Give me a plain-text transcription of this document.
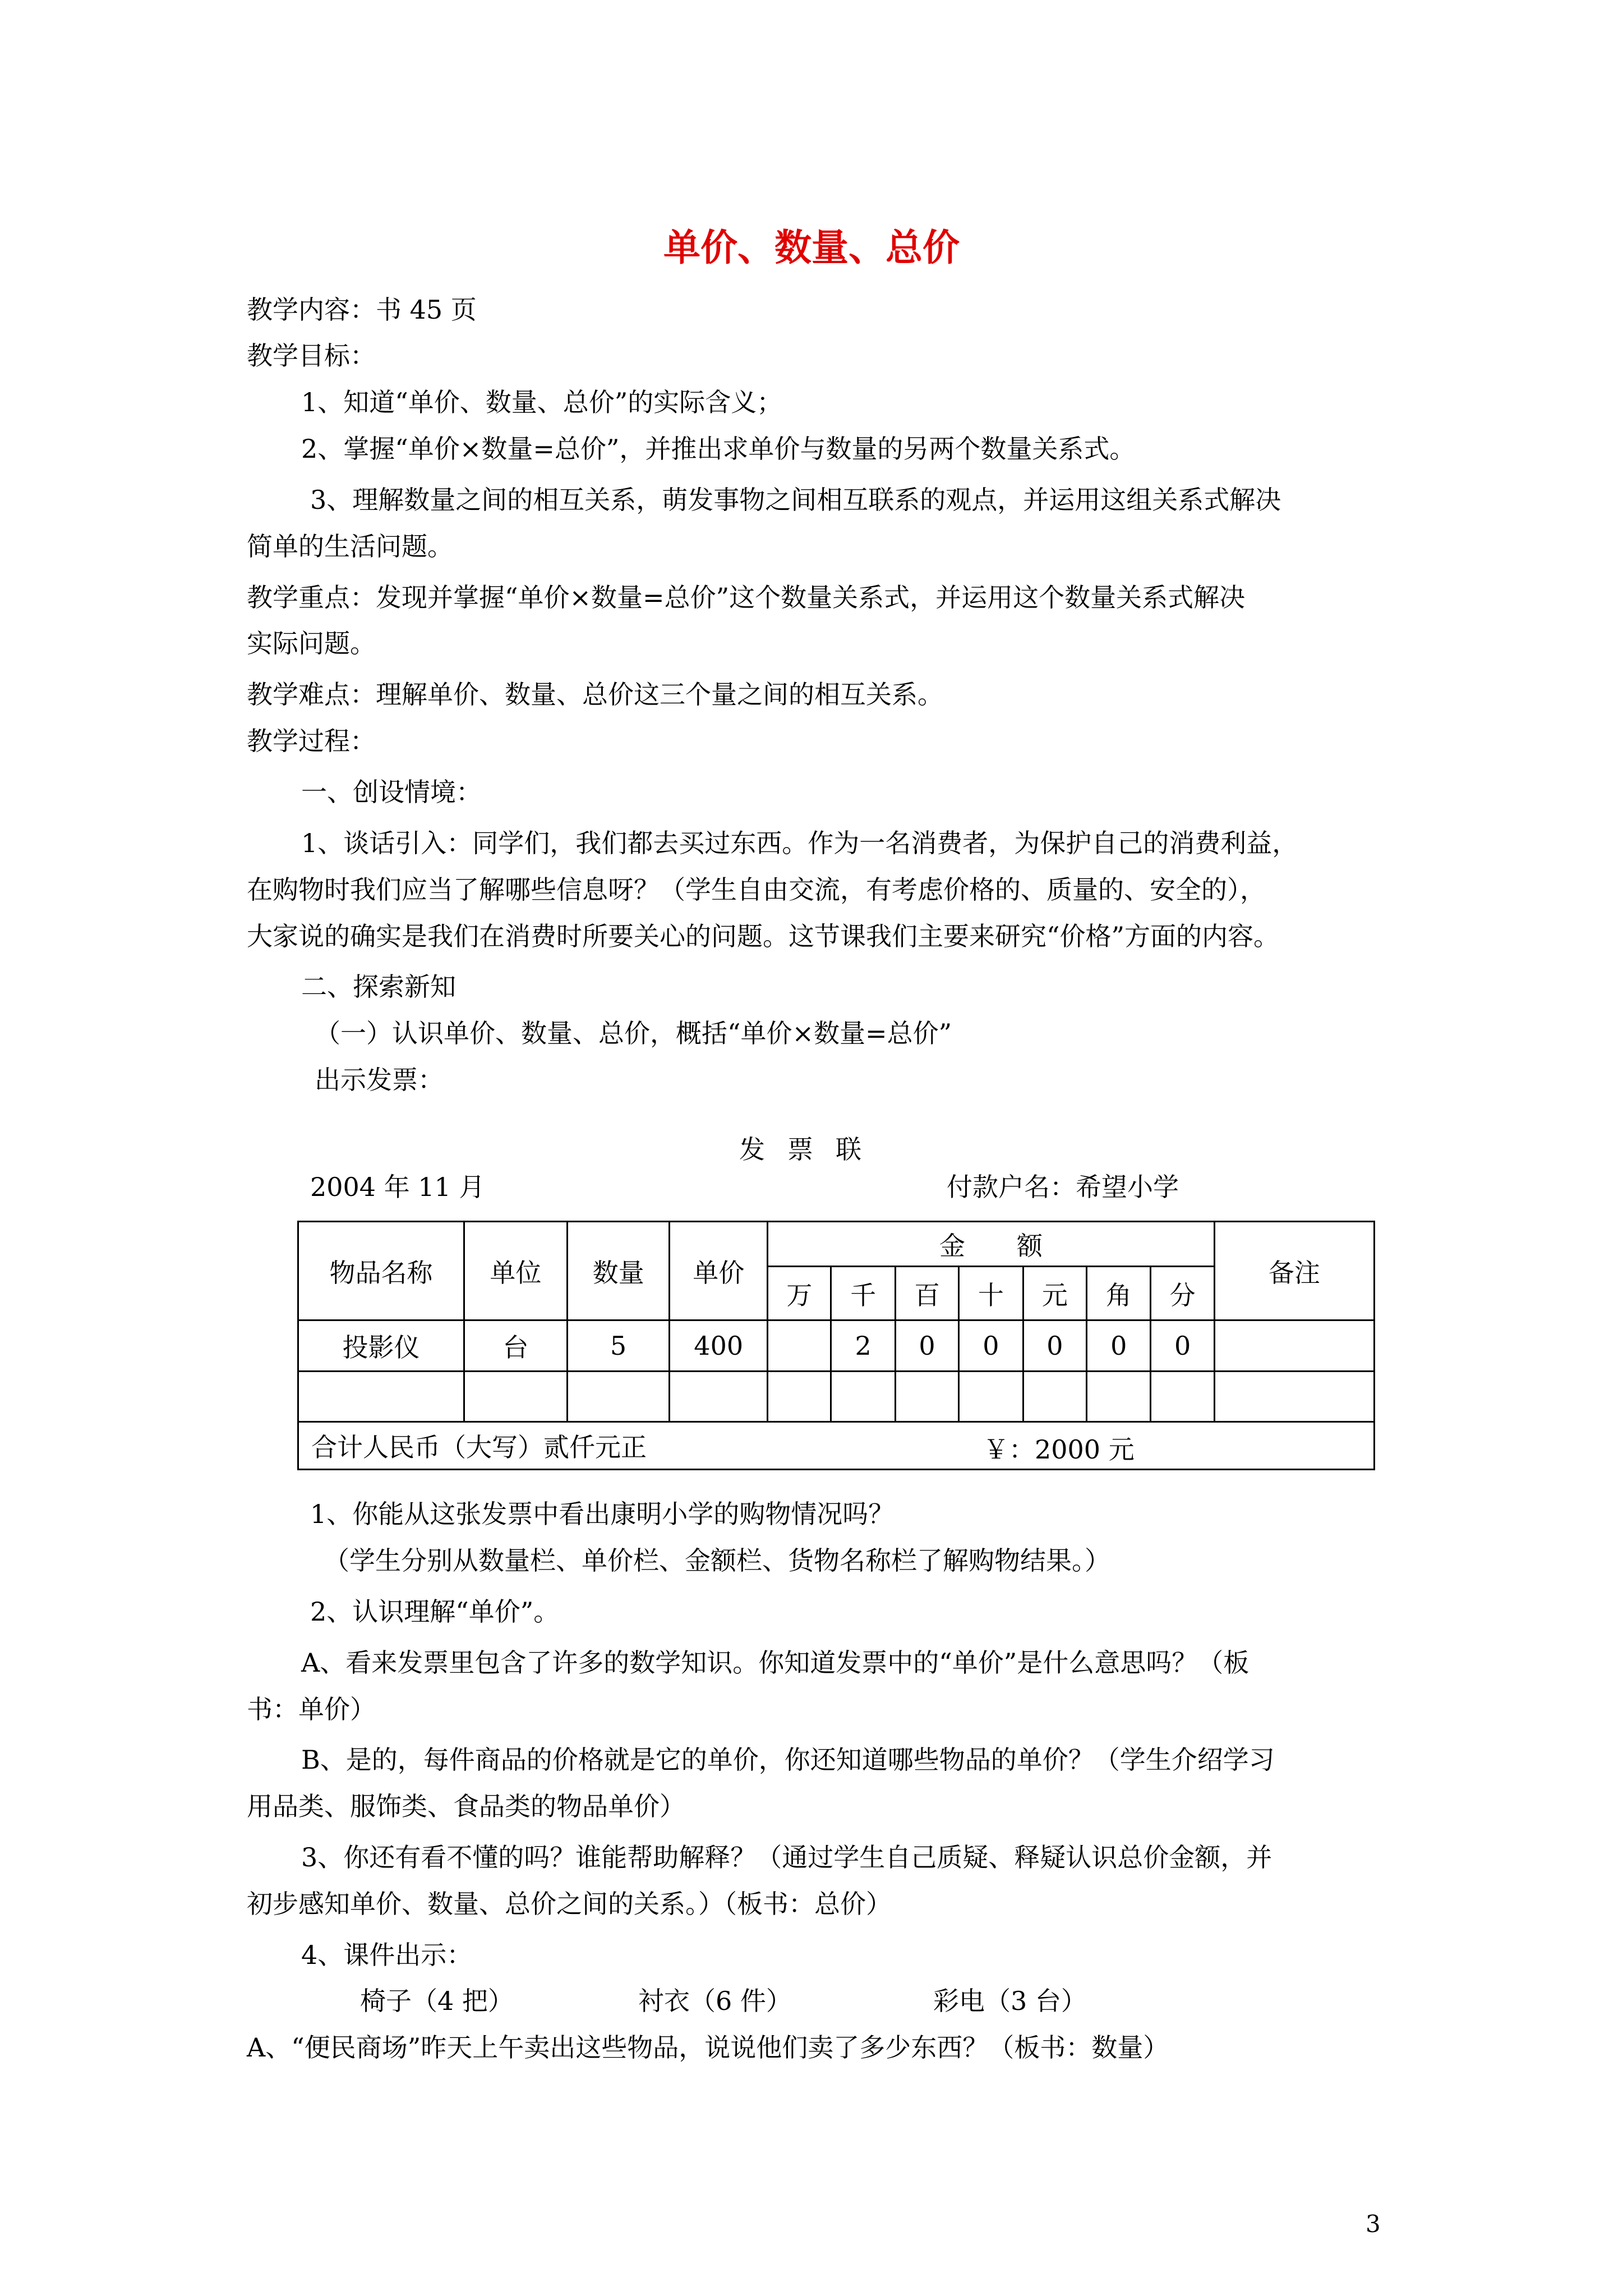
单价、数量、总价
教学内容：书 45 页
教学目标：
1、知道“单价、数量、总价”的实际含义；
2、掌握“单价×数量=总价”，并推出求单价与数量的另两个数量关系式。
3、理解数量之间的相互关系，萌发事物之间相互联系的观点，并运用这组关系式解决
简单的生活问题。
教学重点：发现并掌握“单价×数量=总价”这个数量关系式，并运用这个数量关系式解决
实际问题。
教学难点：理解单价、数量、总价这三个量之间的相互关系。
教学过程：
一、创设情境：
1、谈话引入：同学们，我们都去买过东西。作为一名消费者，为保护自己的消费利益，
在购物时我们应当了解哪些信息呀？（学生自由交流，有考虑价格的、质量的、安全的），
大家说的确实是我们在消费时所要关心的问题。这节课我们主要来研究“价格”方面的内容。
二、探索新知
（一）认识单价、数量、总价，概括“单价×数量=总价”
出示发票：
发票联
2004 年 11 月	付款户名：希望小学
物品名称	单位	数量	单价	金　　额							备注
				万	千	百	十	元	角	分	
投影仪	台	5	400		2	0	0	0	0	0	

合计人民币（大写）贰仟元正 ￥：2000 元											
1、你能从这张发票中看出康明小学的购物情况吗？
（学生分别从数量栏、单价栏、金额栏、货物名称栏了解购物结果。）
2、认识理解“单价”。
A、看来发票里包含了许多的数学知识。你知道发票中的“单价”是什么意思吗？（板
书：单价）
B、是的，每件商品的价格就是它的单价，你还知道哪些物品的单价？（学生介绍学习
用品类、服饰类、食品类的物品单价）
3、你还有看不懂的吗？谁能帮助解释？（通过学生自己质疑、释疑认识总价金额，并
初步感知单价、数量、总价之间的关系。）（板书：总价）
4、课件出示：
椅子（4 把）	衬衣（6 件）	彩电（3 台）
A、“便民商场”昨天上午卖出这些物品，说说他们卖了多少东西？（板书：数量）
3
